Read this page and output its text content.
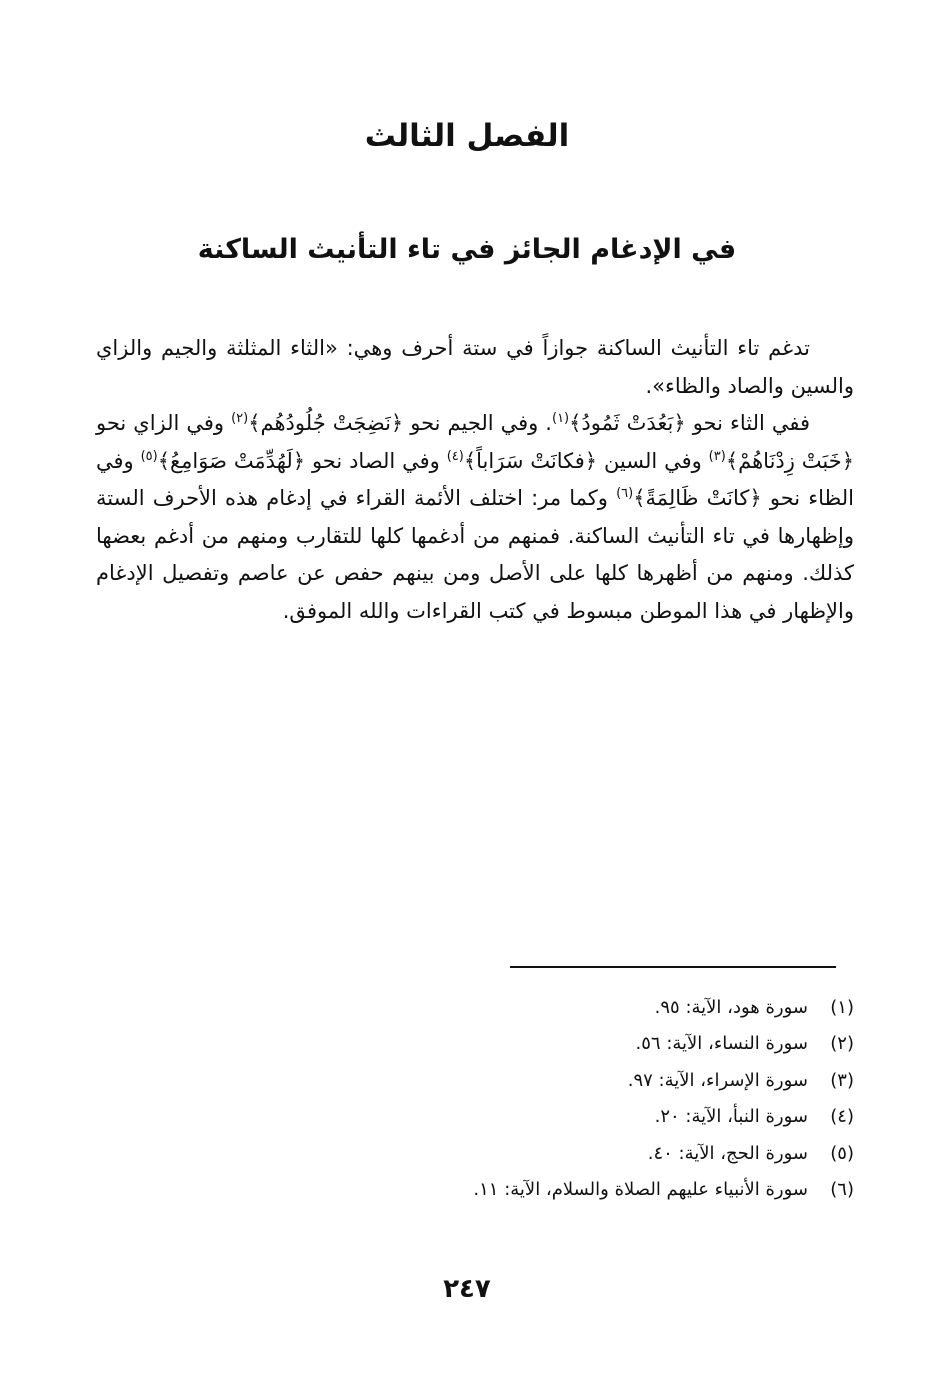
الفصل الثالث
في الإدغام الجائز في تاء التأنيث الساكنة

تدغم تاء التأنيث الساكنة جوازاً في ستة أحرف وهي: «الثاء المثلثة والجيم والزاي والسين والصاد والظاء».

ففي الثاء نحو ﴿بَعُدَتْ ثَمُودُ﴾$^{(١)}$. وفي الجيم نحو ﴿نَضِجَتْ جُلُودُهُم﴾$^{(٢)}$ وفي الزاي نحو ﴿خَبَتْ زِدْنَاهُمْ﴾$^{(٣)}$ وفي السين ﴿فكانَتْ سَرَاباً﴾$^{(٤)}$ وفي الصاد نحو ﴿لَهُدِّمَتْ صَوَامِعُ﴾$^{(٥)}$ وفي الظاء نحو ﴿كانَتْ ظَالِمَةً﴾$^{(٦)}$ وكما مر: اختلف الأئمة القراء في إدغام هذه الأحرف الستة وإظهارها في تاء التأنيث الساكنة. فمنهم من أدغمها كلها للتقارب ومنهم من أدغم بعضها كذلك. ومنهم من أظهرها كلها على الأصل ومن بينهم حفص عن عاصم وتفصيل الإدغام والإظهار في هذا الموطن مبسوط في كتب القراءات والله الموفق.

(١)سورة هود، الآية: ٩٥.
(٢)سورة النساء، الآية: ٥٦.
(٣)سورة الإسراء، الآية: ٩٧.
(٤)سورة النبأ، الآية: ٢٠.
(٥)سورة الحج، الآية: ٤٠.
(٦)سورة الأنبياء عليهم الصلاة والسلام، الآية: ١١.
٢٤٧
